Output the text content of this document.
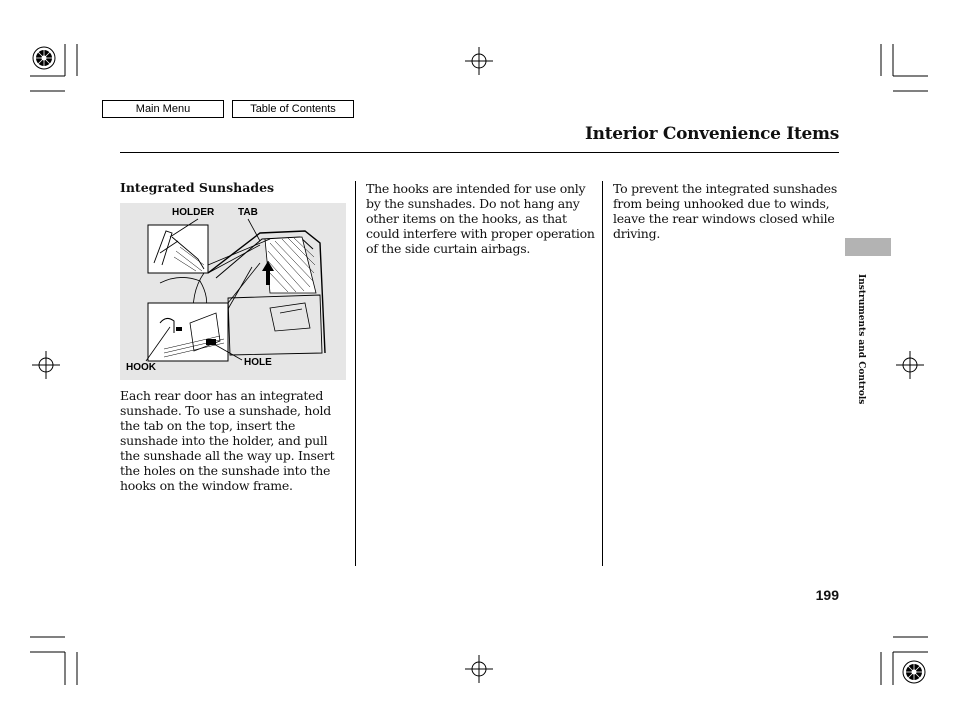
Main Menu	Table of Contents
Interior Convenience Items
Integrated Sunshades
HOLDER TAB
HOOK	HOLE
Each rear door has an integrated
sunshade. To use a sunshade, hold
the tab on the top, insert the
sunshade into the holder, and pull
the sunshade all the way up. Insert
the holes on the sunshade into the
hooks on the window frame.
The hooks are intended for use only
by the sunshades. Do not hang any
other items on the hooks, as that
could interfere with proper operation
of the side curtain airbags.
To prevent the integrated sunshades
from being unhooked due to winds,
leave the rear windows closed while
driving.
Instruments and Controls
199
